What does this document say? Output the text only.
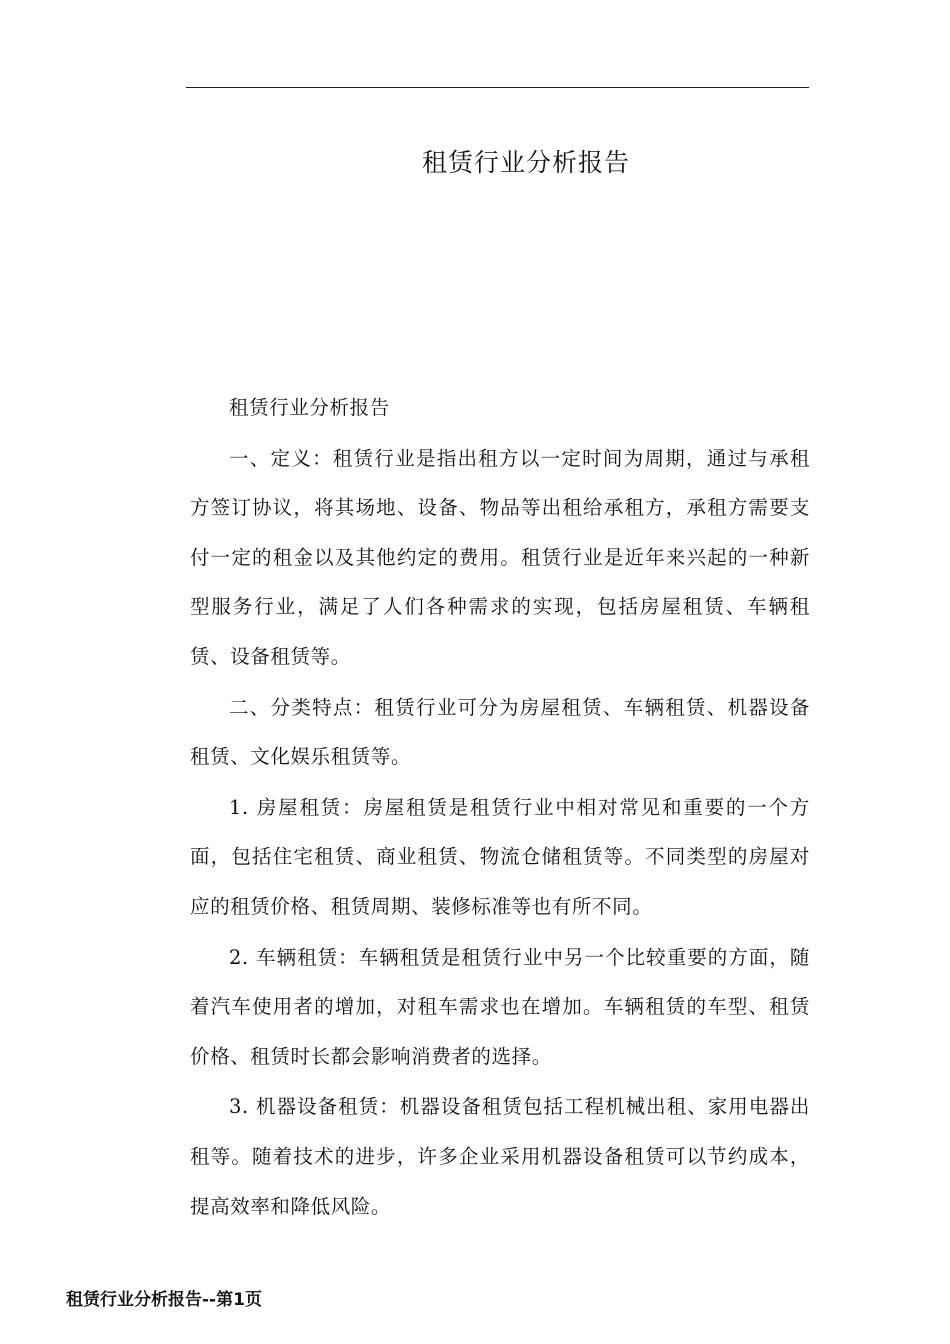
租赁行业分析报告

租赁行业分析报告

一、定义：租赁行业是指出租方以一定时间为周期，通过与承租方签订协议，将其场地、设备、物品等出租给承租方，承租方需要支付一定的租金以及其他约定的费用。租赁行业是近年来兴起的一种新型服务行业，满足了人们各种需求的实现，包括房屋租赁、车辆租赁、设备租赁等。

二、分类特点：租赁行业可分为房屋租赁、车辆租赁、机器设备租赁、文化娱乐租赁等。

1. 房屋租赁：房屋租赁是租赁行业中相对常见和重要的一个方面，包括住宅租赁、商业租赁、物流仓储租赁等。不同类型的房屋对应的租赁价格、租赁周期、装修标准等也有所不同。

2. 车辆租赁：车辆租赁是租赁行业中另一个比较重要的方面，随着汽车使用者的增加，对租车需求也在增加。车辆租赁的车型、租赁价格、租赁时长都会影响消费者的选择。

3. 机器设备租赁：机器设备租赁包括工程机械出租、家用电器出租等。随着技术的进步，许多企业采用机器设备租赁可以节约成本，提高效率和降低风险。

租赁行业分析报告--第1页
